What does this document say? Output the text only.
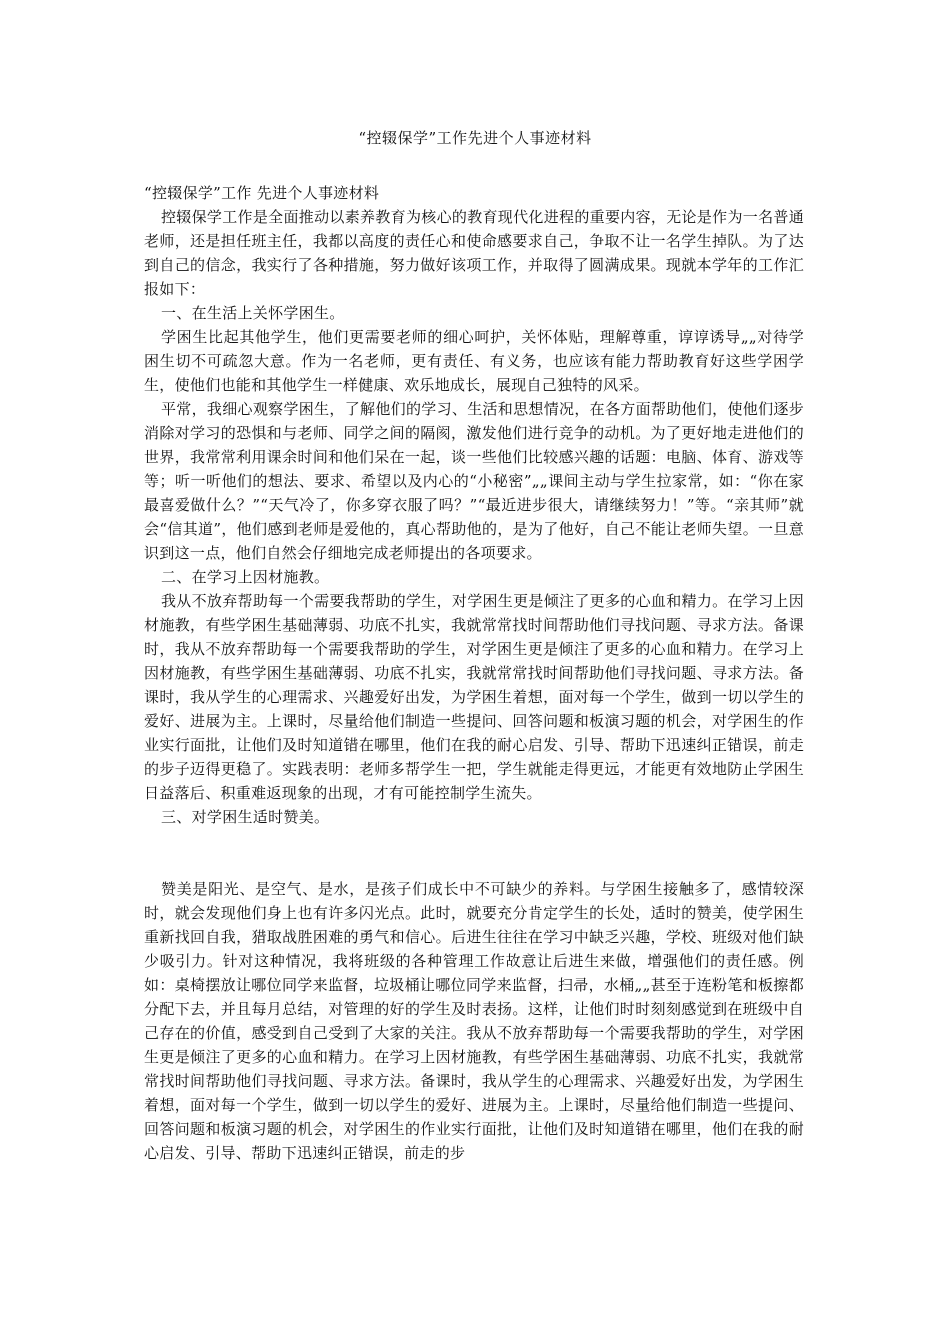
“控辍保学”工作先进个人事迹材料

“控辍保学”工作 先进个人事迹材料

控辍保学工作是全面推动以素养教育为核心的教育现代化进程的重要内容，无论是作为一名普通老师，还是担任班主任，我都以高度的责任心和使命感要求自己，争取不让一名学生掉队。为了达到自己的信念，我实行了各种措施，努力做好该项工作，并取得了圆满成果。现就本学年的工作汇报如下：

一、在生活上关怀学困生。

学困生比起其他学生，他们更需要老师的细心呵护，关怀体贴，理解尊重，谆谆诱导„„对待学困生切不可疏忽大意。作为一名老师，更有责任、有义务，也应该有能力帮助教育好这些学困学生，使他们也能和其他学生一样健康、欢乐地成长，展现自己独特的风采。

平常，我细心观察学困生，了解他们的学习、生活和思想情况，在各方面帮助他们，使他们逐步消除对学习的恐惧和与老师、同学之间的隔阂，激发他们进行竞争的动机。为了更好地走进他们的世界，我常常利用课余时间和他们呆在一起，谈一些他们比较感兴趣的话题：电脑、体育、游戏等等；听一听他们的想法、要求、希望以及内心的“小秘密”„„课间主动与学生拉家常，如：“你在家最喜爱做什么？”“天气冷了，你多穿衣服了吗？”“最近进步很大，请继续努力！”等。“亲其师”就会“信其道”，他们感到老师是爱他的，真心帮助他的，是为了他好，自己不能让老师失望。一旦意识到这一点，他们自然会仔细地完成老师提出的各项要求。

二、在学习上因材施教。

我从不放弃帮助每一个需要我帮助的学生，对学困生更是倾注了更多的心血和精力。在学习上因材施教，有些学困生基础薄弱、功底不扎实，我就常常找时间帮助他们寻找问题、寻求方法。备课时，我从不放弃帮助每一个需要我帮助的学生，对学困生更是倾注了更多的心血和精力。在学习上因材施教，有些学困生基础薄弱、功底不扎实，我就常常找时间帮助他们寻找问题、寻求方法。备课时，我从学生的心理需求、兴趣爱好出发，为学困生着想，面对每一个学生，做到一切以学生的爱好、进展为主。上课时，尽量给他们制造一些提问、回答问题和板演习题的机会，对学困生的作业实行面批，让他们及时知道错在哪里，他们在我的耐心启发、引导、帮助下迅速纠正错误，前走的步子迈得更稳了。实践表明：老师多帮学生一把，学生就能走得更远，才能更有效地防止学困生日益落后、积重难返现象的出现，才有可能控制学生流失。

三、对学困生适时赞美。

赞美是阳光、是空气、是水，是孩子们成长中不可缺少的养料。与学困生接触多了，感情较深时，就会发现他们身上也有许多闪光点。此时，就要充分肯定学生的长处，适时的赞美，使学困生重新找回自我，猎取战胜困难的勇气和信心。后进生往往在学习中缺乏兴趣，学校、班级对他们缺少吸引力。针对这种情况，我将班级的各种管理工作故意让后进生来做，增强他们的责任感。例如：桌椅摆放让哪位同学来监督，垃圾桶让哪位同学来监督，扫帚，水桶„„甚至于连粉笔和板擦都分配下去，并且每月总结，对管理的好的学生及时表扬。这样，让他们时时刻刻感觉到在班级中自己存在的价值，感受到自己受到了大家的关注。我从不放弃帮助每一个需要我帮助的学生，对学困生更是倾注了更多的心血和精力。在学习上因材施教，有些学困生基础薄弱、功底不扎实，我就常常找时间帮助他们寻找问题、寻求方法。备课时，我从学生的心理需求、兴趣爱好出发，为学困生着想，面对每一个学生，做到一切以学生的爱好、进展为主。上课时，尽量给他们制造一些提问、回答问题和板演习题的机会，对学困生的作业实行面批，让他们及时知道错在哪里，他们在我的耐心启发、引导、帮助下迅速纠正错误，前走的步
